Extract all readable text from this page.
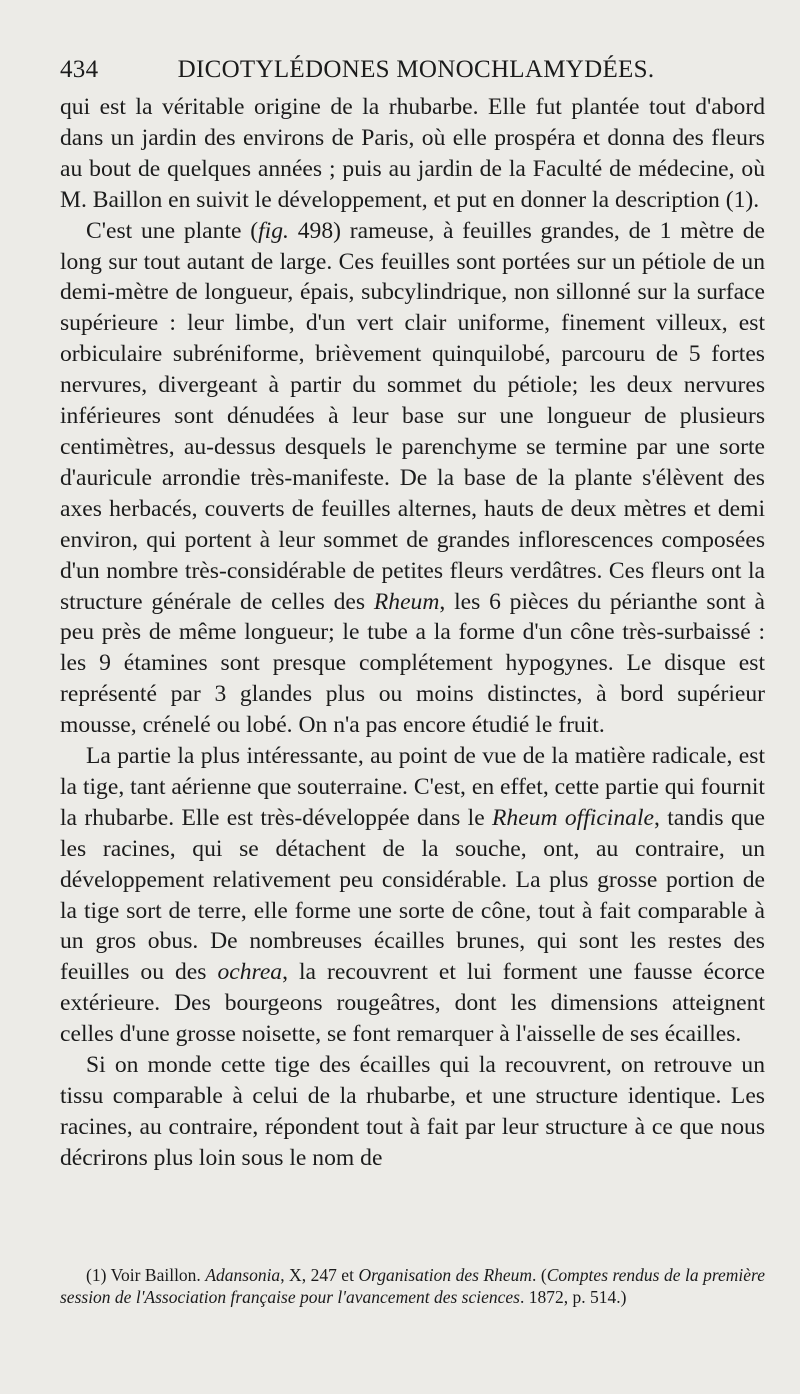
434	DICOTYLÉDONES MONOCHLAMYDÉES.

qui est la véritable origine de la rhubarbe. Elle fut plantée tout d'abord dans un jardin des environs de Paris, où elle prospéra et donna des fleurs au bout de quelques années ; puis au jardin de la Faculté de médecine, où M. Baillon en suivit le développement, et put en donner la description (1).

C'est une plante (fig. 498) rameuse, à feuilles grandes, de 1 mètre de long sur tout autant de large. Ces feuilles sont portées sur un pétiole de un demi-mètre de longueur, épais, subcylindrique, non sillonné sur la surface supérieure : leur limbe, d'un vert clair uniforme, finement villeux, est orbiculaire subréniforme, brièvement quinquilobé, parcouru de 5 fortes nervures, divergeant à partir du sommet du pétiole; les deux nervures inférieures sont dénudées à leur base sur une longueur de plusieurs centimètres, au-dessus desquels le parenchyme se termine par une sorte d'auricule arrondie très-manifeste. De la base de la plante s'élèvent des axes herbacés, couverts de feuilles alternes, hauts de deux mètres et demi environ, qui portent à leur sommet de grandes inflorescences composées d'un nombre très-considérable de petites fleurs verdâtres. Ces fleurs ont la structure générale de celles des Rheum, les 6 pièces du périanthe sont à peu près de même longueur; le tube a la forme d'un cône très-surbaissé : les 9 étamines sont presque complétement hypogynes. Le disque est représenté par 3 glandes plus ou moins distinctes, à bord supérieur mousse, crénelé ou lobé. On n'a pas encore étudié le fruit.

La partie la plus intéressante, au point de vue de la matière radicale, est la tige, tant aérienne que souterraine. C'est, en effet, cette partie qui fournit la rhubarbe. Elle est très-développée dans le Rheum officinale, tandis que les racines, qui se détachent de la souche, ont, au contraire, un développement relativement peu considérable. La plus grosse portion de la tige sort de terre, elle forme une sorte de cône, tout à fait comparable à un gros obus. De nombreuses écailles brunes, qui sont les restes des feuilles ou des ochrea, la recouvrent et lui forment une fausse écorce extérieure. Des bourgeons rougeâtres, dont les dimensions atteignent celles d'une grosse noisette, se font remarquer à l'aisselle de ses écailles.

Si on monde cette tige des écailles qui la recouvrent, on retrouve un tissu comparable à celui de la rhubarbe, et une structure identique. Les racines, au contraire, répondent tout à fait par leur structure à ce que nous décrirons plus loin sous le nom de

(1) Voir Baillon. Adansonia, X, 247 et Organisation des Rheum. (Comptes rendus de la première session de l'Association française pour l'avancement des sciences. 1872, p. 514.)
